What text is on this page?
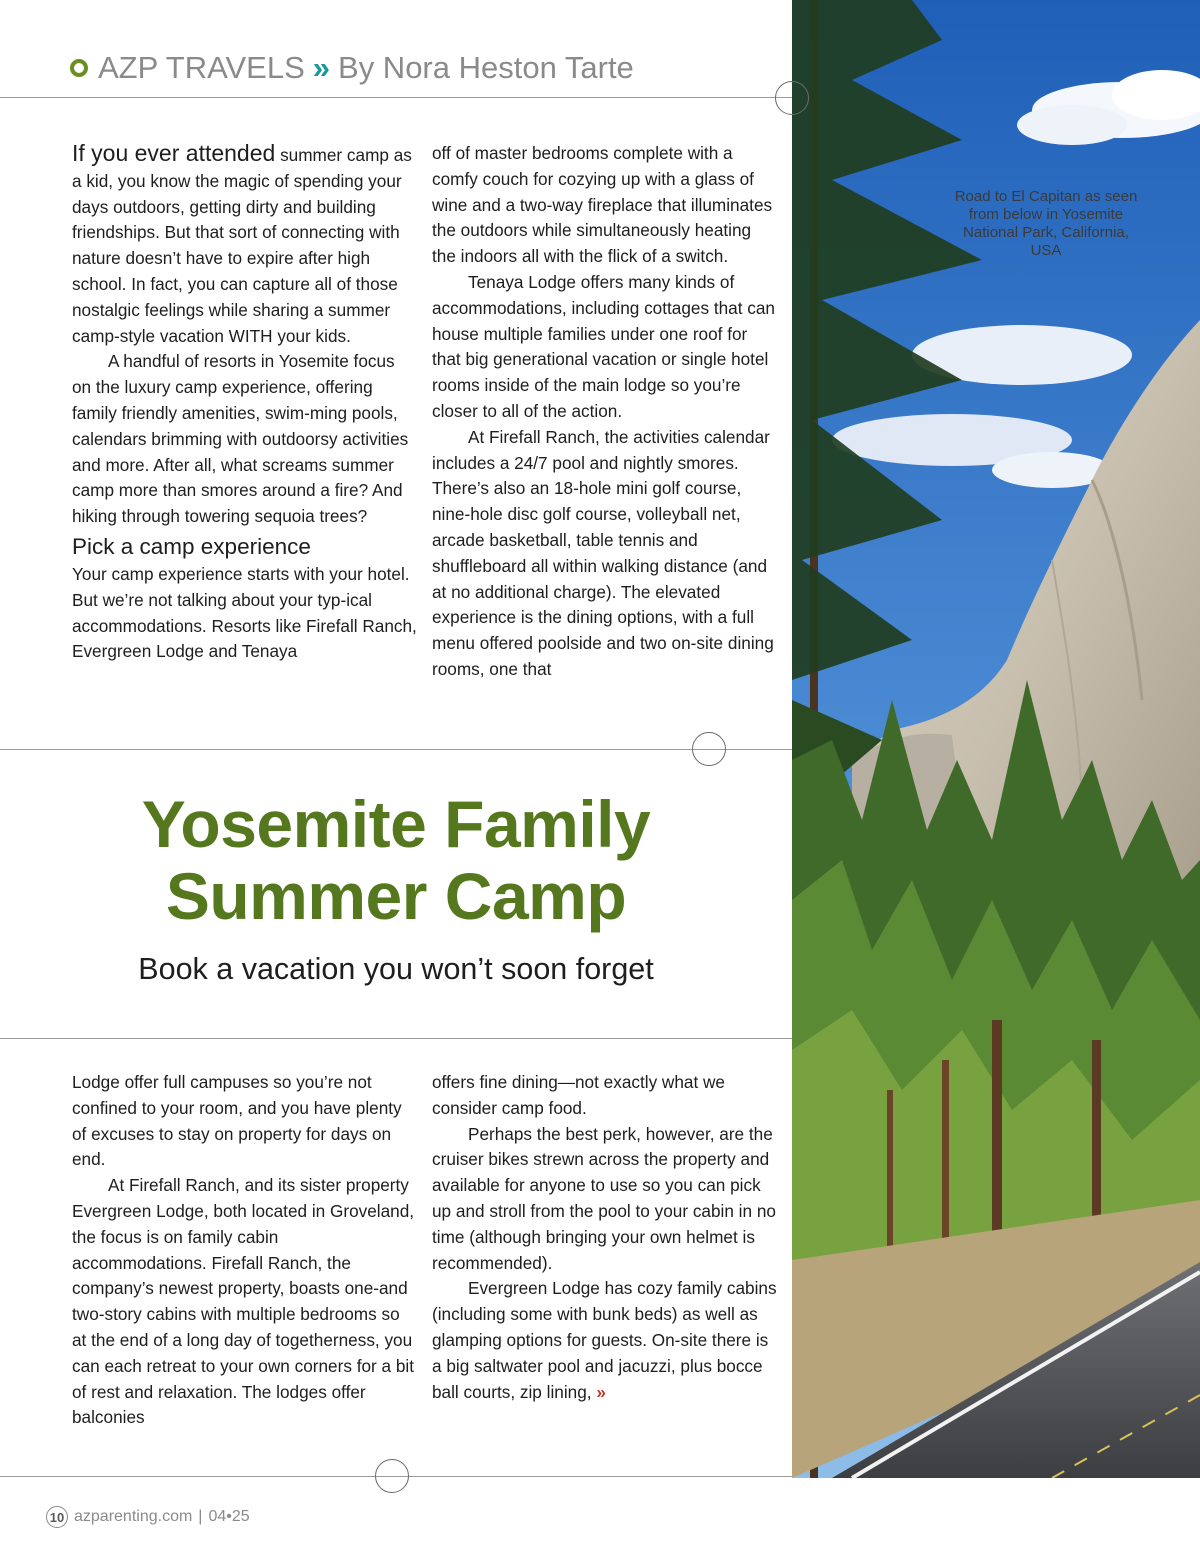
Road to El Capitan as seen from below in Yosemite National Park, California, USA
AZP TRAVELS » By Nora Heston Tarte

If you ever attended summer camp as a kid, you know the magic of spending your days outdoors, getting dirty and building friendships. But that sort of connecting with nature doesn’t have to expire after high school. In fact, you can capture all of those nostalgic feelings while sharing a summer camp-style vacation WITH your kids.

A handful of resorts in Yosemite focus on the luxury camp experience, offering family friendly amenities, swim-ming pools, calendars brimming with outdoorsy activities and more. After all, what screams summer camp more than smores around a fire? And hiking through towering sequoia trees?

Pick a camp experience

Your camp experience starts with your hotel. But we’re not talking about your typ-ical accommodations. Resorts like Firefall Ranch, Evergreen Lodge and Tenaya

off of master bedrooms complete with a comfy couch for cozying up with a glass of wine and a two-way fireplace that illuminates the outdoors while simultaneously heating the indoors all with the flick of a switch.

Tenaya Lodge offers many kinds of accommodations, including cottages that can house multiple families under one roof for that big generational vacation or single hotel rooms inside of the main lodge so you’re closer to all of the action.

At Firefall Ranch, the activities calendar includes a 24/7 pool and nightly smores. There’s also an 18-hole mini golf course, nine-hole disc golf course, volleyball net, arcade basketball, table tennis and shuffleboard all within walking distance (and at no additional charge). The elevated experience is the dining options, with a full menu offered poolside and two on-site dining rooms, one that

Yosemite Family
Summer Camp
Book a vacation you won’t soon forget

Lodge offer full campuses so you’re not confined to your room, and you have plenty of excuses to stay on property for days on end.

At Firefall Ranch, and its sister property Evergreen Lodge, both located in Groveland, the focus is on family cabin accommodations. Firefall Ranch, the company’s newest property, boasts one-and two-story cabins with multiple bedrooms so at the end of a long day of togetherness, you can each retreat to your own corners for a bit of rest and relaxation. The lodges offer balconies

offers fine dining—not exactly what we consider camp food.

Perhaps the best perk, however, are the cruiser bikes strewn across the property and available for anyone to use so you can pick up and stroll from the pool to your cabin in no time (although bringing your own helmet is recommended).

Evergreen Lodge has cozy family cabins (including some with bunk beds) as well as glamping options for guests. On-site there is a big saltwater pool and jacuzzi, plus bocce ball courts, zip lining, »

10 azparenting.com | 04•25
